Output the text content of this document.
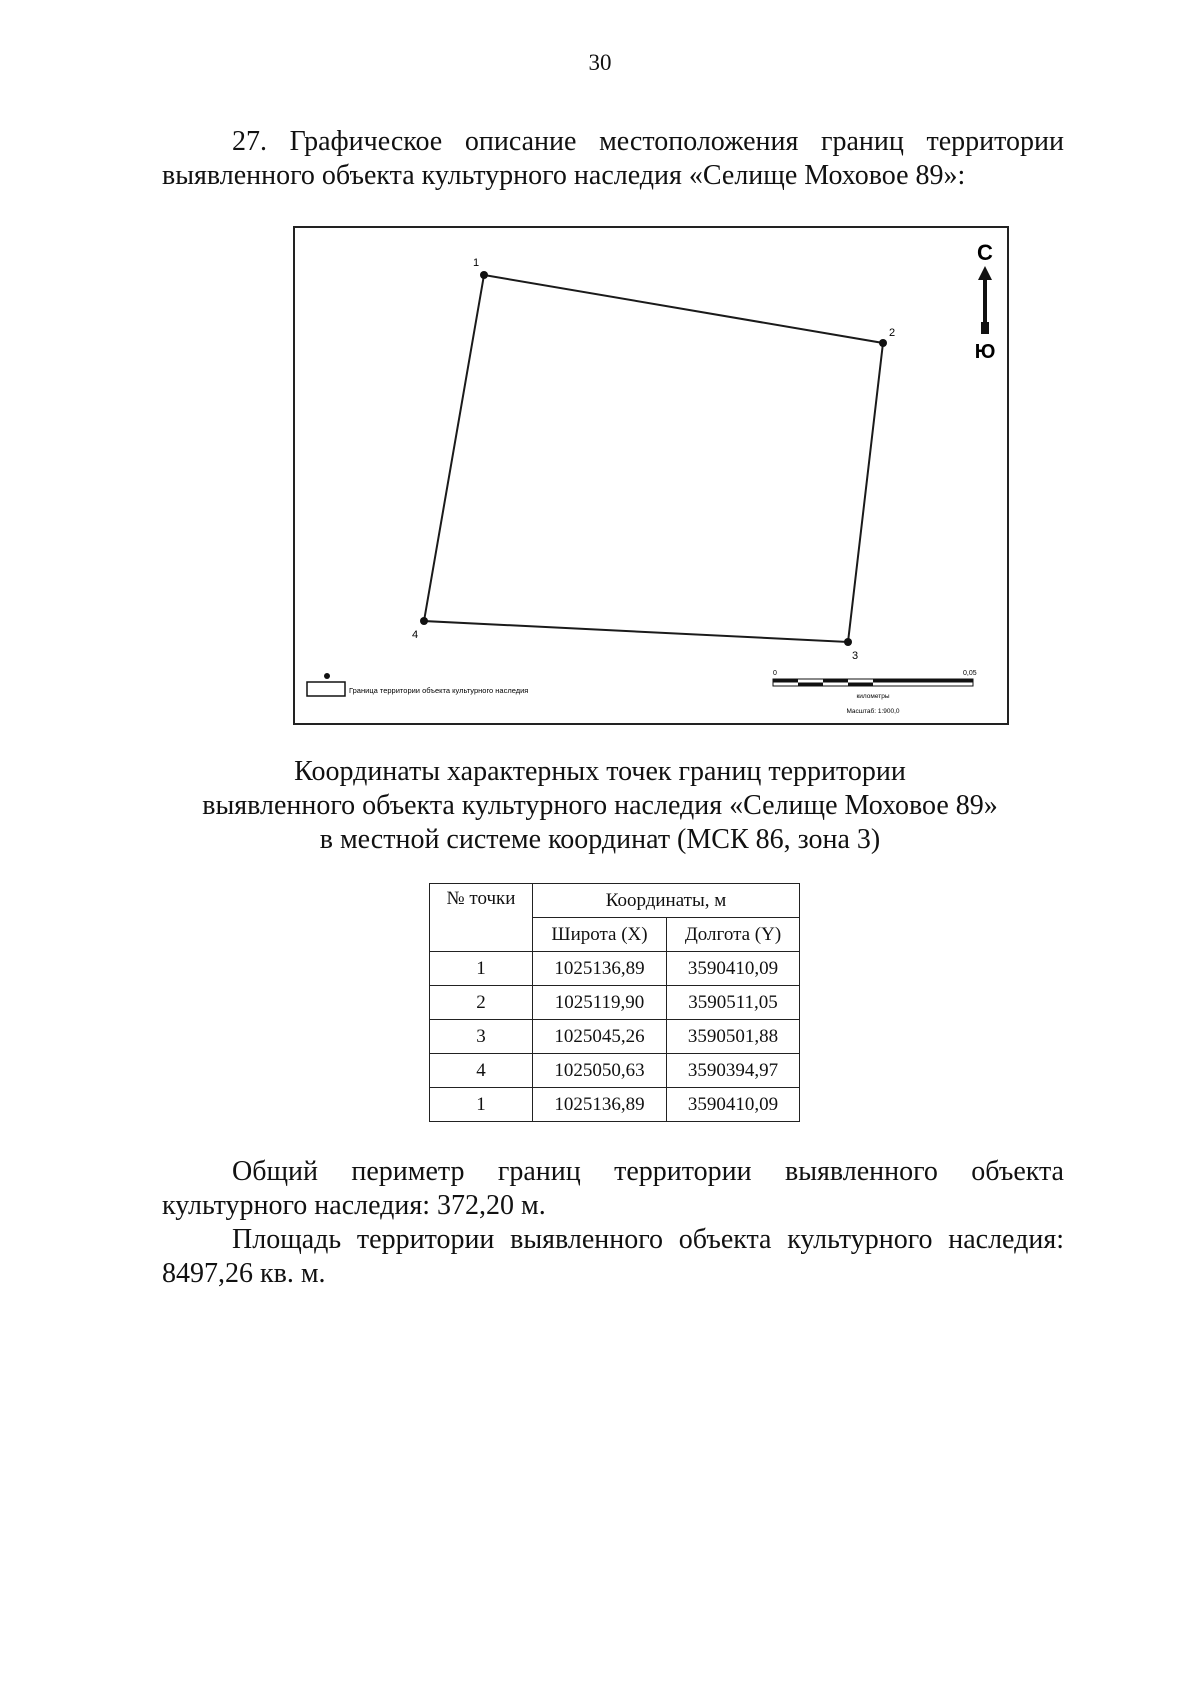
30
27. Графическое описание местоположения границ территории
выявленного объекта культурного наследия «Селище Моховое 89»:
1
2
3
4
С
Ю
Граница территории объекта культурного наследия
0	0,05
километры
Масштаб: 1:900,0
Координаты характерных точек границ территории
выявленного объекта культурного наследия «Селище Моховое 89»
в местной системе координат (МСК 86, зона 3)
№ точки	Координаты, м	
	Широта (X)	Долгота (Y)
1	1025136,89	3590410,09
2	1025119,90	3590511,05
3	1025045,26	3590501,88
4	1025050,63	3590394,97
1	1025136,89	3590410,09
Общий периметр границ территории выявленного объекта
культурного наследия: 372,20 м.
Площадь территории выявленного объекта культурного наследия:
8497,26 кв. м.
